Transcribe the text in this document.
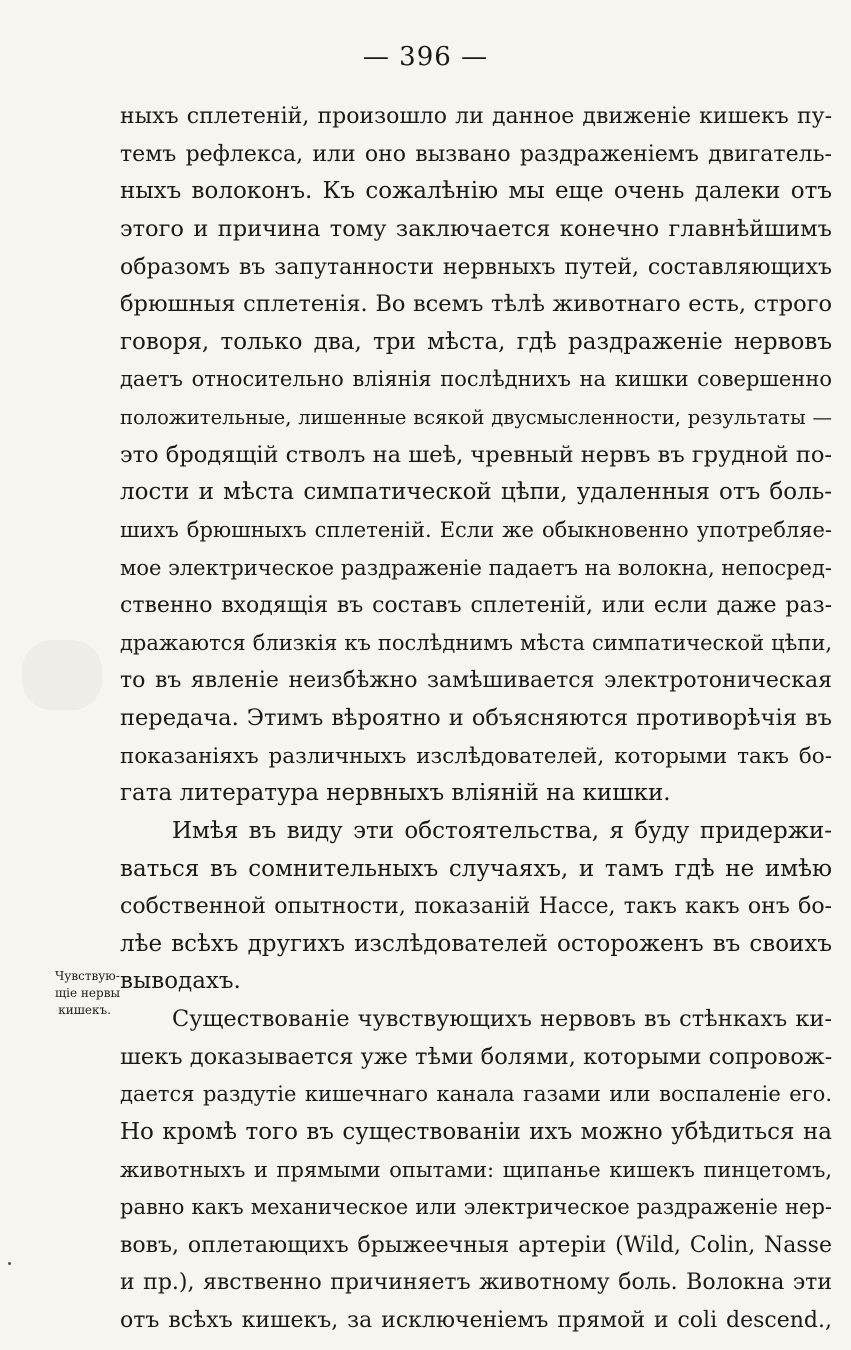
— 396 —
Чувствую-
щіе нервы
кишекъ.
ныхъ сплетеній, произошло ли данное движеніе кишекъ пу-
темъ рефлекса, или оно вызвано раздраженіемъ двигатель-
ныхъ волоконъ. Къ сожалѣнію мы еще очень далеки отъ
этого и причина тому заключается конечно главнѣйшимъ
образомъ въ запутанности нервныхъ путей, составляющихъ
брюшныя сплетенія. Во всемъ тѣлѣ животнаго есть, строго
говоря, только два, три мѣста, гдѣ раздраженіе нервовъ
даетъ относительно вліянія послѣднихъ на кишки совершенно
положительные, лишенные всякой двусмысленности, результаты —
это бродящій стволъ на шеѣ, чревный нервъ въ грудной по-
лости и мѣста симпатической цѣпи, удаленныя отъ боль-
шихъ брюшныхъ сплетеній. Если же обыкновенно употребляе-
мое электрическое раздраженіе падаетъ на волокна, непосред-
ственно входящія въ составъ сплетеній, или если даже раз-
дражаются близкія къ послѣднимъ мѣста симпатической цѣпи,
то въ явленіе неизбѣжно замѣшивается электротоническая
передача. Этимъ вѣроятно и объясняются противорѣчія въ
показаніяхъ различныхъ изслѣдователей, которыми такъ бо-
гата литература нервныхъ вліяній на кишки.
Имѣя въ виду эти обстоятельства, я буду придержи-
ваться въ сомнительныхъ случаяхъ, и тамъ гдѣ не имѣю
собственной опытности, показаній Нассе, такъ какъ онъ бо-
лѣе всѣхъ другихъ изслѣдователей остороженъ въ своихъ
выводахъ.
Существованіе чувствующихъ нервовъ въ стѣнкахъ ки-
шекъ доказывается уже тѣми болями, которыми сопровож-
дается раздутіе кишечнаго канала газами или воспаленіе его.
Но кромѣ того въ существованіи ихъ можно убѣдиться на
животныхъ и прямыми опытами: щипанье кишекъ пинцетомъ,
равно какъ механическое или электрическое раздраженіе нер-
вовъ, оплетающихъ брыжеечныя артеріи (Wild, Colin, Nasse
и пр.), явственно причиняетъ животному боль. Волокна эти
отъ всѣхъ кишекъ, за исключеніемъ прямой и coli descend.,
